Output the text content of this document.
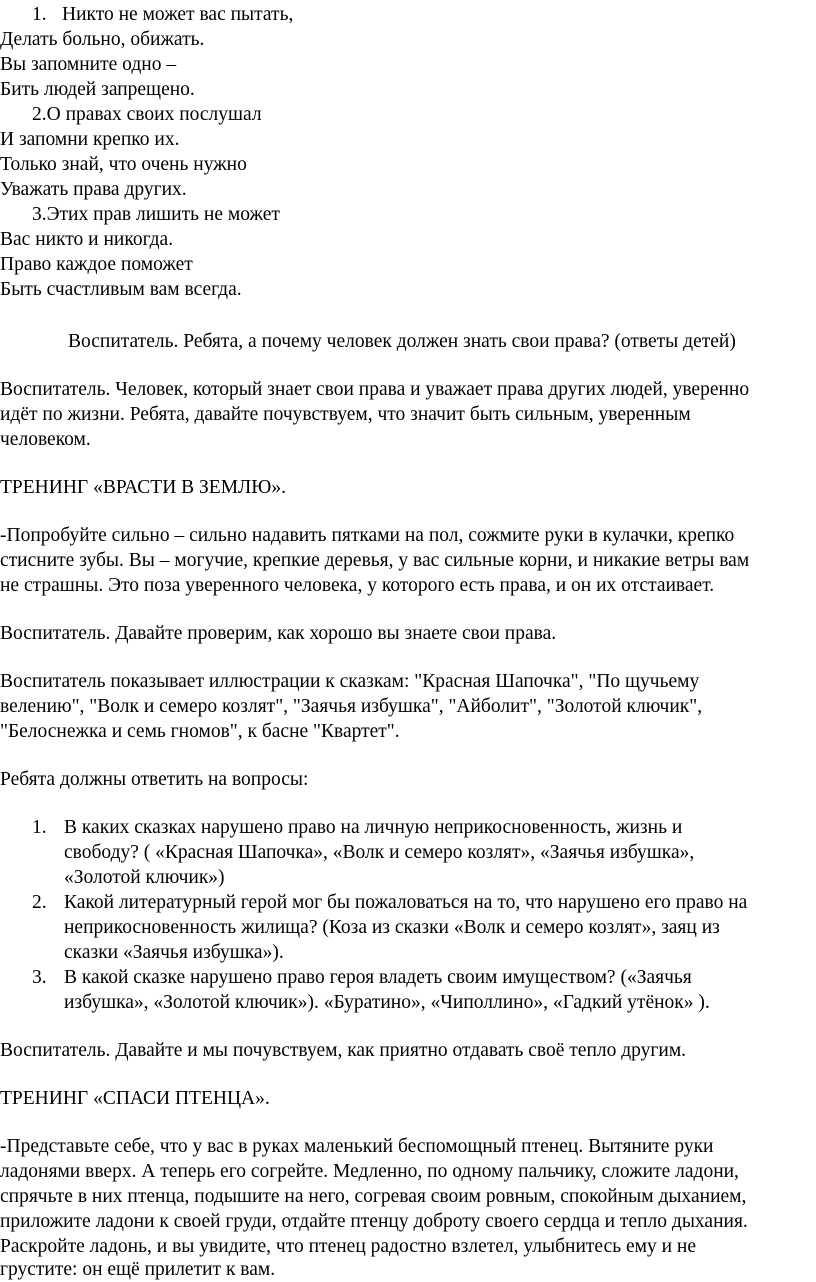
1. Никто не может вас пытать,
Делать больно, обижать.
Вы запомните одно –
Бить людей запрещено.
2.О правах своих послушал
И запомни крепко их.
Только знай, что очень нужно
Уважать права других.
3.Этих прав лишить не может
Вас никто и никогда.
Право каждое поможет
Быть счастливым вам всегда.
Воспитатель. Ребята, а почему человек должен знать свои права? (ответы детей)
Воспитатель. Человек, который знает свои права и уважает права других людей, уверенно
идёт по жизни. Ребята, давайте почувствуем, что значит быть сильным, уверенным
человеком.
ТРЕНИНГ «ВРАСТИ В ЗЕМЛЮ».
-Попробуйте сильно – сильно надавить пятками на пол, сожмите руки в кулачки, крепко
стисните зубы. Вы – могучие, крепкие деревья, у вас сильные корни, и никакие ветры вам
не страшны. Это поза уверенного человека, у которого есть права, и он их отстаивает.
Воспитатель. Давайте проверим, как хорошо вы знаете свои права.
Воспитатель показывает иллюстрации к сказкам: "Красная Шапочка", "По щучьему
велению", "Волк и семеро козлят", "Заячья избушка", "Айболит", "Золотой ключик",
"Белоснежка и семь гномов", к басне "Квартет".
Ребята должны ответить на вопросы:
1. В каких сказках нарушено право на личную неприкосновенность, жизнь и
свободу? ( «Красная Шапочка», «Волк и семеро козлят», «Заячья избушка»,
«Золотой ключик»)
2. Какой литературный герой мог бы пожаловаться на то, что нарушено его право на
неприкосновенность жилища? (Коза из сказки «Волк и семеро козлят», заяц из
сказки «Заячья избушка»).
3. В какой сказке нарушено право героя владеть своим имуществом? («Заячья
избушка», «Золотой ключик»). «Буратино», «Чиполлино», «Гадкий утёнок» ).
Воспитатель. Давайте и мы почувствуем, как приятно отдавать своё тепло другим.
ТРЕНИНГ «СПАСИ ПТЕНЦА».
-Представьте себе, что у вас в руках маленький беспомощный птенец. Вытяните руки
ладонями вверх. А теперь его согрейте. Медленно, по одному пальчику, сложите ладони,
спрячьте в них птенца, подышите на него, согревая своим ровным, спокойным дыханием,
приложите ладони к своей груди, отдайте птенцу доброту своего сердца и тепло дыхания.
Раскройте ладонь, и вы увидите, что птенец радостно взлетел, улыбнитесь ему и не
грустите: он ещё прилетит к вам.
